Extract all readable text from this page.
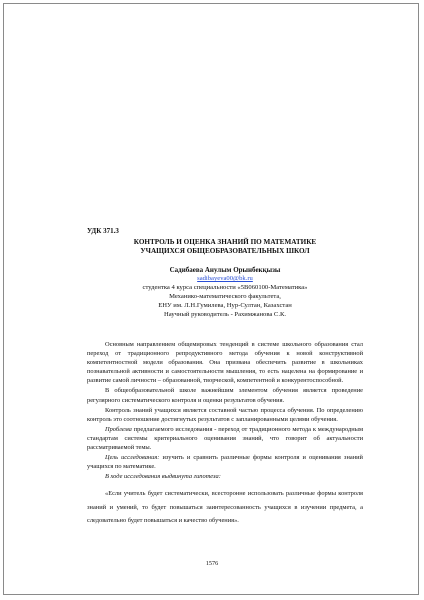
УДК 371.3
КОНТРОЛЬ И ОЦЕНКА ЗНАНИЙ ПО МАТЕМАТИКЕ
УЧАЩИХСЯ ОБЩЕОБРАЗОВАТЕЛЬНЫХ ШКОЛ
Садибаева Анулым Орынбекқызы
sadibayeva00@bk.ru
студентка 4 курса специальности «5В060100-Математика»
Механико-математического факультета,
ЕНУ им. Л.Н.Гумилева, Нур-Султан, Казахстан
Научный руководитель - Рахимжанова С.К.

Основным направлением общемировых тенденций в системе школьного образования стал переход от традиционного репродуктивного метода обучения к новой конструктивной компетентностной модели образования. Она призвана обеспечить развитие в школьниках познавательной активности и самостоятельности мышления, то есть нацелена на формирование и развитие самой личности – образованной, творческой, компетентной и конкурентоспособной.

В общеобразовательной школе важнейшим элементом обучения является проведение регулярного систематического контроля и оценки результатов обучения.

Контроль знаний учащихся является составной частью процесса обучения. По определению контроль это соотношение достигнутых результатов с запланированными целями обучения.

Проблема предлагаемого исследования - переход от традиционного метода к международным стандартам системы критериального оценивания знаний, что говорит об актуальности рассматриваемой темы.

Цель исследования: изучить и сравнить различные формы контроля и оценивания знаний учащихся по математике.

В ходе исследования выдвинута гипотеза:

«Если учитель будет систематически, всесторонне использовать различные формы контроля знаний и умений, то будет повышаться заинтересованность учащихся в изучении предмета, а следовательно будет повышаться и качество обучения».

1576
